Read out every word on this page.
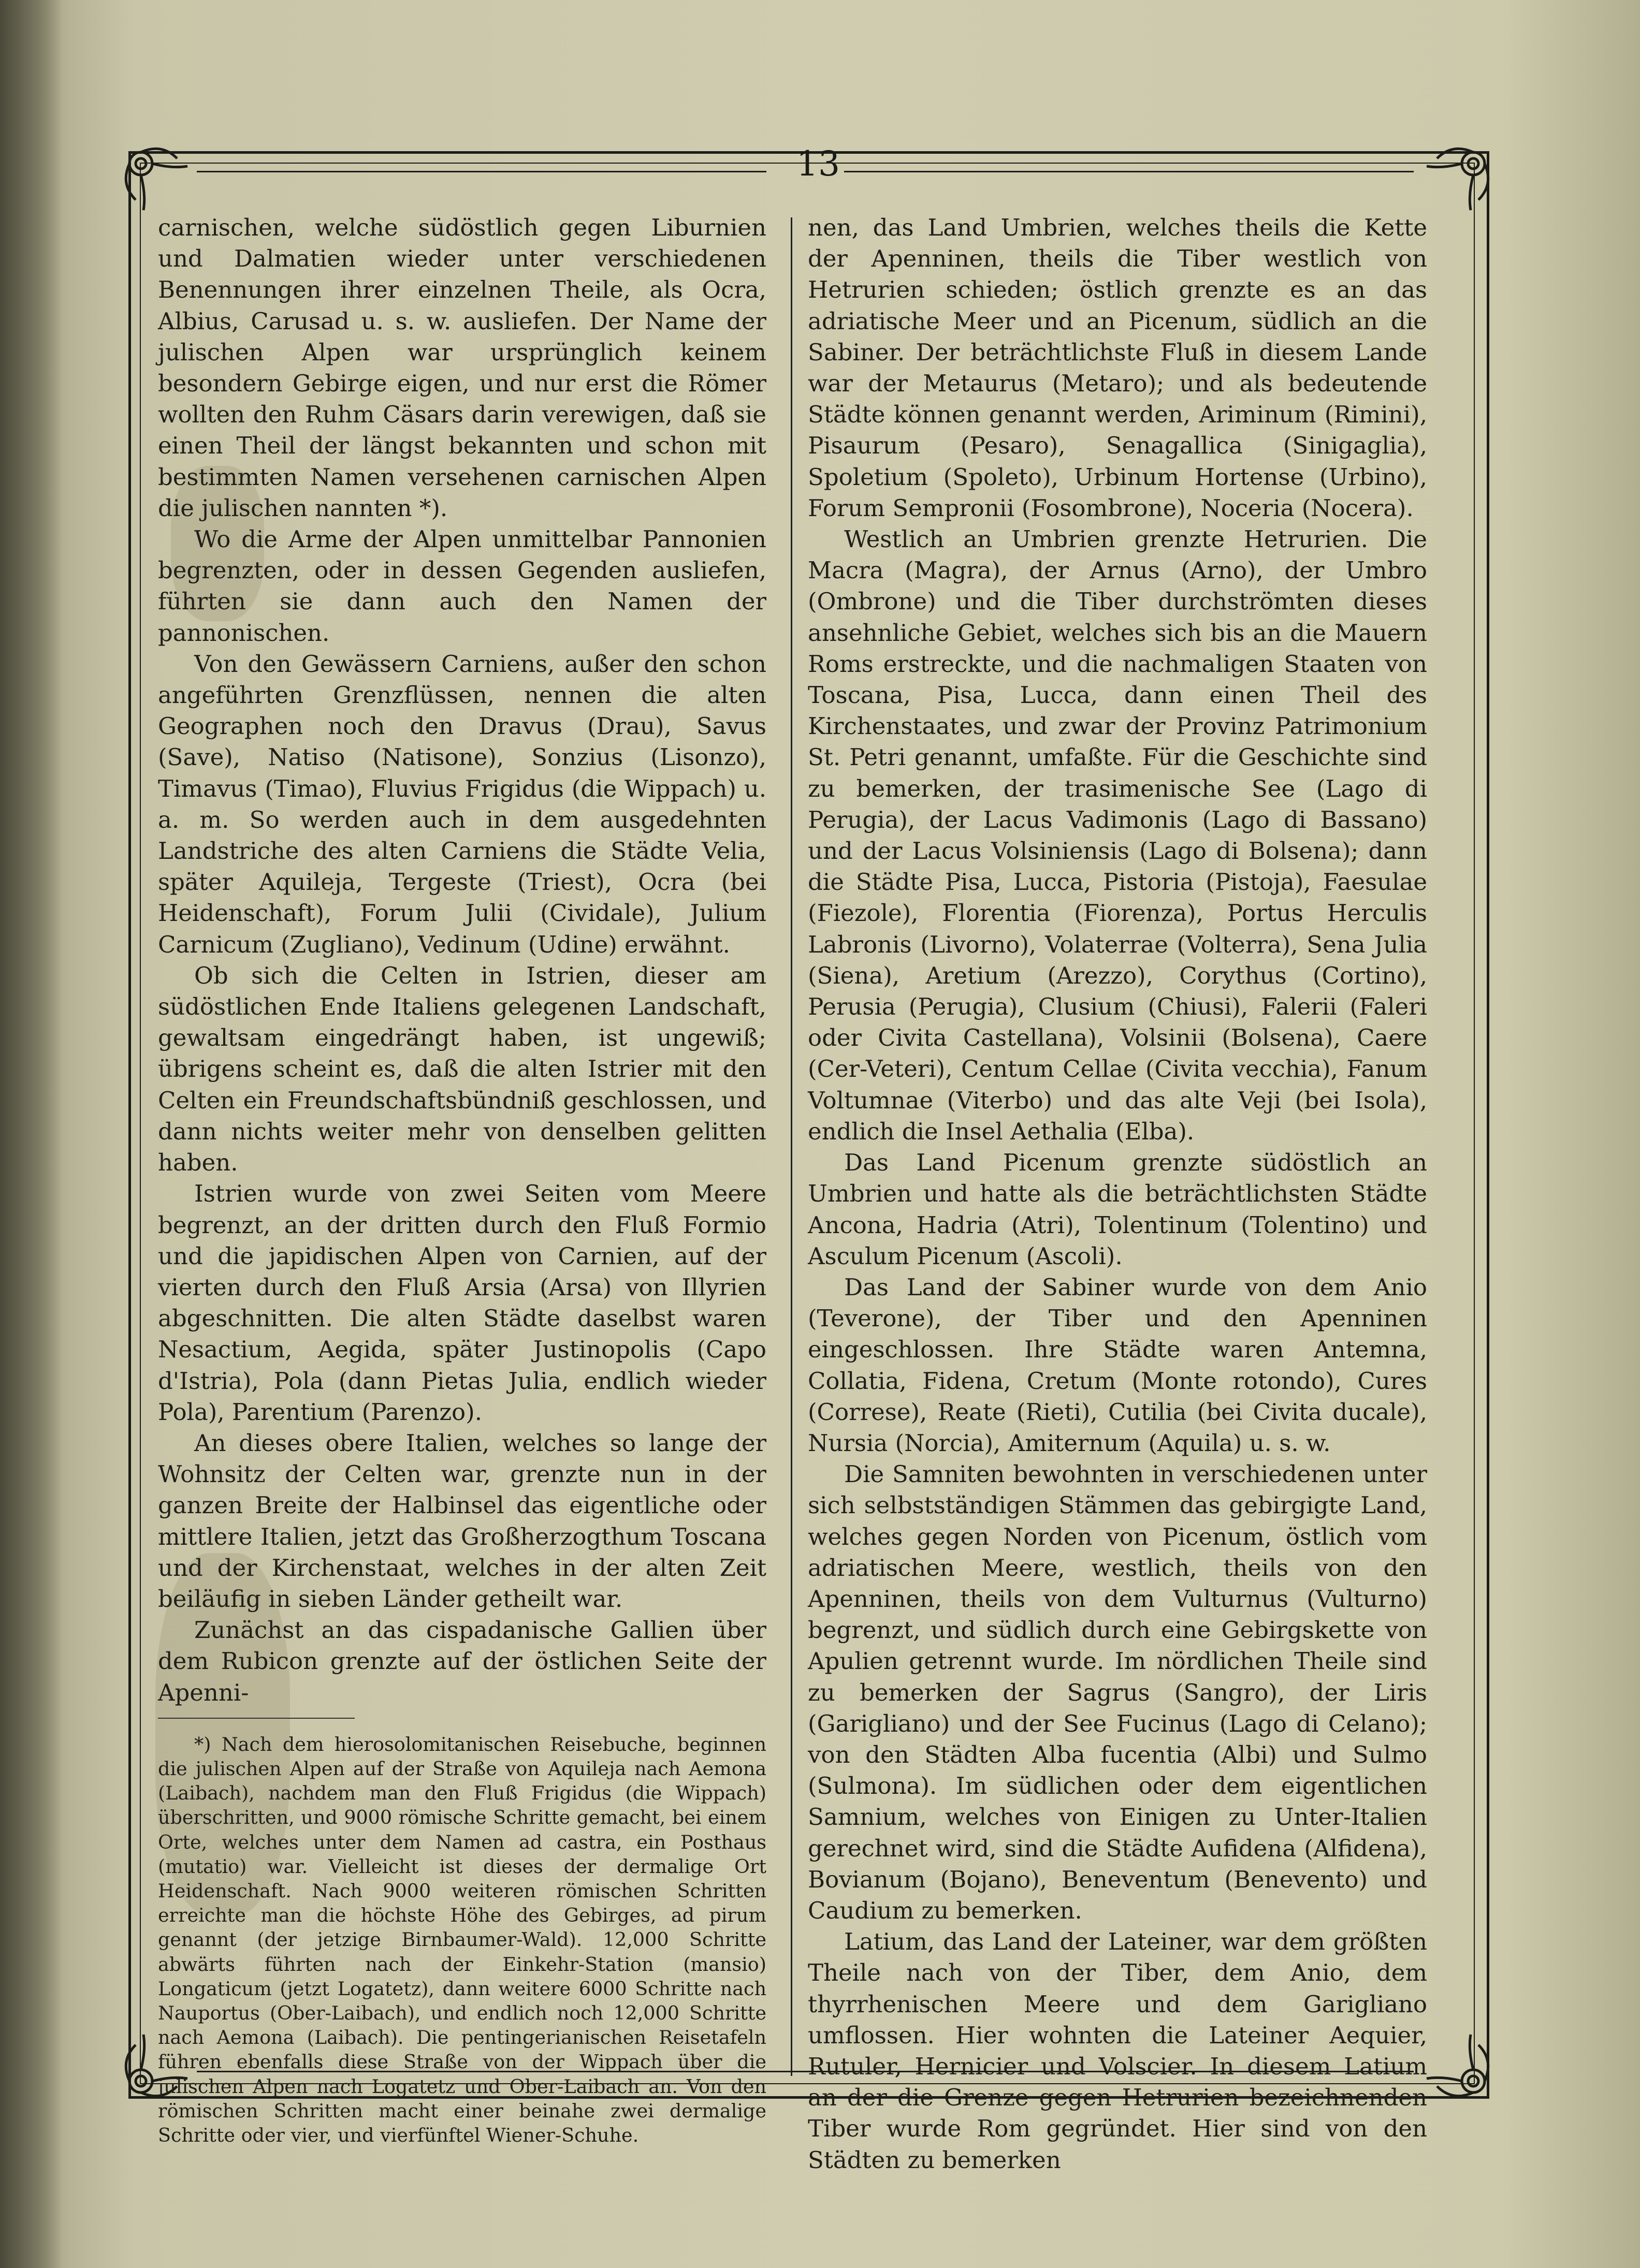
13

carnischen, welche südöstlich gegen Liburnien und Dalmatien wieder unter verschiedenen Benennungen ihrer einzelnen Theile, als Ocra, Albius, Carusad u. s. w. ausliefen. Der Name der julischen Alpen war ursprünglich keinem besondern Gebirge eigen, und nur erst die Römer wollten den Ruhm Cäsars darin verewigen, daß sie einen Theil der längst bekannten und schon mit bestimmten Namen versehenen carnischen Alpen die julischen nannten *).

Wo die Arme der Alpen unmittelbar Pannonien begrenzten, oder in dessen Gegenden ausliefen, führten sie dann auch den Namen der pannonischen.

Von den Gewässern Carniens, außer den schon angeführten Grenzflüssen, nennen die alten Geographen noch den Dravus (Drau), Savus (Save), Natiso (Natisone), Sonzius (Lisonzo), Timavus (Timao), Fluvius Frigidus (die Wippach) u. a. m. So werden auch in dem ausgedehnten Landstriche des alten Carniens die Städte Velia, später Aquileja, Tergeste (Triest), Ocra (bei Heidenschaft), Forum Julii (Cividale), Julium Carnicum (Zugliano), Vedinum (Udine) erwähnt.

Ob sich die Celten in Istrien, dieser am südöstlichen Ende Italiens gelegenen Landschaft, gewaltsam eingedrängt haben, ist ungewiß; übrigens scheint es, daß die alten Istrier mit den Celten ein Freundschaftsbündniß geschlossen, und dann nichts weiter mehr von denselben gelitten haben.

Istrien wurde von zwei Seiten vom Meere begrenzt, an der dritten durch den Fluß Formio und die japidischen Alpen von Carnien, auf der vierten durch den Fluß Arsia (Arsa) von Illyrien abgeschnitten. Die alten Städte daselbst waren Nesactium, Aegida, später Justinopolis (Capo d'Istria), Pola (dann Pietas Julia, endlich wieder Pola), Parentium (Parenzo).

An dieses obere Italien, welches so lange der Wohnsitz der Celten war, grenzte nun in der ganzen Breite der Halbinsel das eigentliche oder mittlere Italien, jetzt das Großherzogthum Toscana und der Kirchenstaat, welches in der alten Zeit beiläufig in sieben Länder getheilt war.

Zunächst an das cispadanische Gallien über dem Rubicon grenzte auf der östlichen Seite der Apenni-

*) Nach dem hierosolomitanischen Reisebuche, beginnen die julischen Alpen auf der Straße von Aquileja nach Aemona (Laibach), nachdem man den Fluß Frigidus (die Wippach) überschritten, und 9000 römische Schritte gemacht, bei einem Orte, welches unter dem Namen ad castra, ein Posthaus (mutatio) war. Vielleicht ist dieses der dermalige Ort Heidenschaft. Nach 9000 weiteren römischen Schritten erreichte man die höchste Höhe des Gebirges, ad pirum genannt (der jetzige Birnbaumer-Wald). 12,000 Schritte abwärts führten nach der Einkehr-Station (mansio) Longaticum (jetzt Logatetz), dann weitere 6000 Schritte nach Nauportus (Ober-Laibach), und endlich noch 12,000 Schritte nach Aemona (Laibach). Die pentingerianischen Reisetafeln führen ebenfalls diese Straße von der Wippach über die julischen Alpen nach Logatetz und Ober-Laibach an. Von den römischen Schritten macht einer beinahe zwei dermalige Schritte oder vier, und vierfünftel Wiener-Schuhe.

nen, das Land Umbrien, welches theils die Kette der Apenninen, theils die Tiber westlich von Hetrurien schieden; östlich grenzte es an das adriatische Meer und an Picenum, südlich an die Sabiner. Der beträchtlichste Fluß in diesem Lande war der Metaurus (Metaro); und als bedeutende Städte können genannt werden, Ariminum (Rimini), Pisaurum (Pesaro), Senagallica (Sinigaglia), Spoletium (Spoleto), Urbinum Hortense (Urbino), Forum Sempronii (Fosombrone), Noceria (Nocera).

Westlich an Umbrien grenzte Hetrurien. Die Macra (Magra), der Arnus (Arno), der Umbro (Ombrone) und die Tiber durchströmten dieses ansehnliche Gebiet, welches sich bis an die Mauern Roms erstreckte, und die nachmaligen Staaten von Toscana, Pisa, Lucca, dann einen Theil des Kirchenstaates, und zwar der Provinz Patrimonium St. Petri genannt, umfaßte. Für die Geschichte sind zu bemerken, der trasimenische See (Lago di Perugia), der Lacus Vadimonis (Lago di Bassano) und der Lacus Volsiniensis (Lago di Bolsena); dann die Städte Pisa, Lucca, Pistoria (Pistoja), Faesulae (Fiezole), Florentia (Fiorenza), Portus Herculis Labronis (Livorno), Volaterrae (Volterra), Sena Julia (Siena), Aretium (Arezzo), Corythus (Cortino), Perusia (Perugia), Clusium (Chiusi), Falerii (Faleri oder Civita Castellana), Volsinii (Bolsena), Caere (Cer-Veteri), Centum Cellae (Civita vecchia), Fanum Voltumnae (Viterbo) und das alte Veji (bei Isola), endlich die Insel Aethalia (Elba).

Das Land Picenum grenzte südöstlich an Umbrien und hatte als die beträchtlichsten Städte Ancona, Hadria (Atri), Tolentinum (Tolentino) und Asculum Picenum (Ascoli).

Das Land der Sabiner wurde von dem Anio (Teverone), der Tiber und den Apenninen eingeschlossen. Ihre Städte waren Antemna, Collatia, Fidena, Cretum (Monte rotondo), Cures (Correse), Reate (Rieti), Cutilia (bei Civita ducale), Nursia (Norcia), Amiternum (Aquila) u. s. w.

Die Samniten bewohnten in verschiedenen unter sich selbstständigen Stämmen das gebirgigte Land, welches gegen Norden von Picenum, östlich vom adriatischen Meere, westlich, theils von den Apenninen, theils von dem Vulturnus (Vulturno) begrenzt, und südlich durch eine Gebirgskette von Apulien getrennt wurde. Im nördlichen Theile sind zu bemerken der Sagrus (Sangro), der Liris (Garigliano) und der See Fucinus (Lago di Celano); von den Städten Alba fucentia (Albi) und Sulmo (Sulmona). Im südlichen oder dem eigentlichen Samnium, welches von Einigen zu Unter-Italien gerechnet wird, sind die Städte Aufidena (Alfidena), Bovianum (Bojano), Beneventum (Benevento) und Caudium zu bemerken.

Latium, das Land der Lateiner, war dem größten Theile nach von der Tiber, dem Anio, dem thyrrhenischen Meere und dem Garigliano umflossen. Hier wohnten die Lateiner Aequier, Rutuler, Hernicier und Volscier. In diesem Latium an der die Grenze gegen Hetrurien bezeichnenden Tiber wurde Rom gegründet. Hier sind von den Städten zu bemerken
